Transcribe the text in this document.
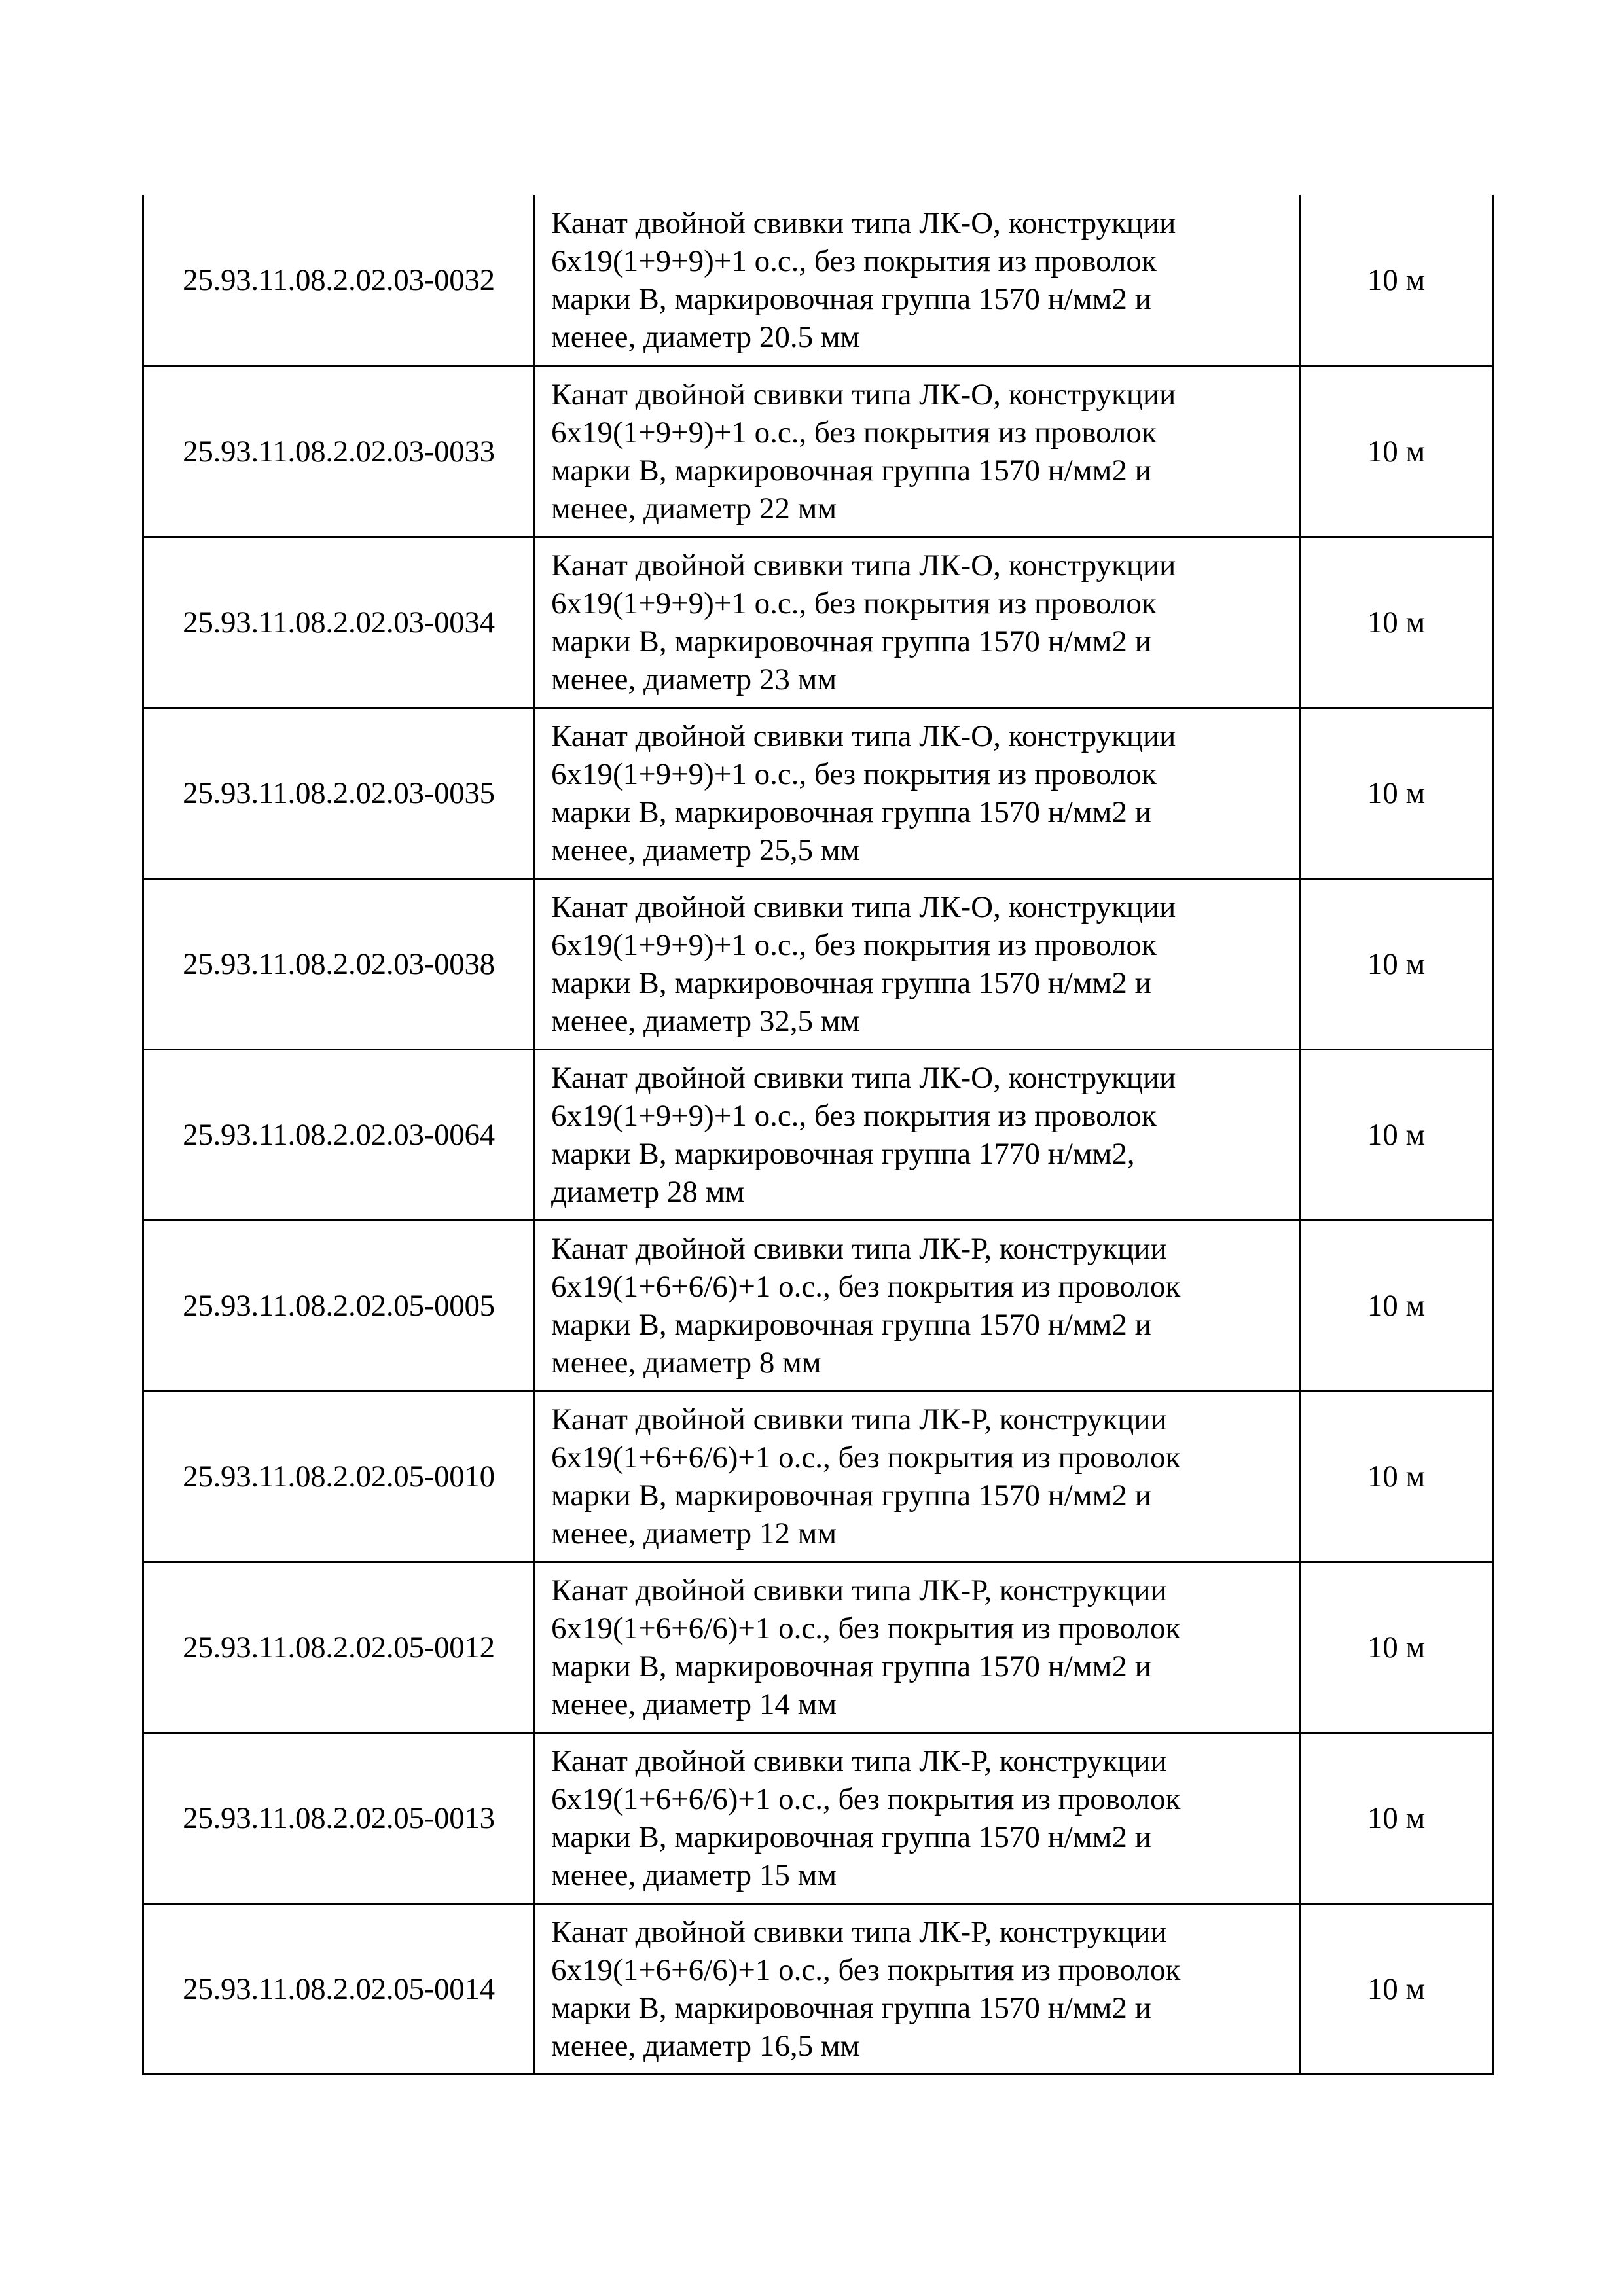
25.93.11.08.2.02.03-0032	Канат двойной свивки типа ЛК-О, конструкции
6х19(1+9+9)+1 о.с., без покрытия из проволок
марки В, маркировочная группа 1570 н/мм2 и
менее, диаметр 20.5 мм	10 м
25.93.11.08.2.02.03-0033	Канат двойной свивки типа ЛК-О, конструкции
6х19(1+9+9)+1 о.с., без покрытия из проволок
марки В, маркировочная группа 1570 н/мм2 и
менее, диаметр 22 мм	10 м
25.93.11.08.2.02.03-0034	Канат двойной свивки типа ЛК-О, конструкции
6х19(1+9+9)+1 о.с., без покрытия из проволок
марки В, маркировочная группа 1570 н/мм2 и
менее, диаметр 23 мм	10 м
25.93.11.08.2.02.03-0035	Канат двойной свивки типа ЛК-О, конструкции
6х19(1+9+9)+1 о.с., без покрытия из проволок
марки В, маркировочная группа 1570 н/мм2 и
менее, диаметр 25,5 мм	10 м
25.93.11.08.2.02.03-0038	Канат двойной свивки типа ЛК-О, конструкции
6х19(1+9+9)+1 о.с., без покрытия из проволок
марки В, маркировочная группа 1570 н/мм2 и
менее, диаметр 32,5 мм	10 м
25.93.11.08.2.02.03-0064	Канат двойной свивки типа ЛК-О, конструкции
6х19(1+9+9)+1 о.с., без покрытия из проволок
марки В, маркировочная группа 1770 н/мм2,
диаметр 28 мм	10 м
25.93.11.08.2.02.05-0005	Канат двойной свивки типа ЛК-Р, конструкции
6х19(1+6+6/6)+1 о.с., без покрытия из проволок
марки В, маркировочная группа 1570 н/мм2 и
менее, диаметр 8 мм	10 м
25.93.11.08.2.02.05-0010	Канат двойной свивки типа ЛК-Р, конструкции
6х19(1+6+6/6)+1 о.с., без покрытия из проволок
марки В, маркировочная группа 1570 н/мм2 и
менее, диаметр 12 мм	10 м
25.93.11.08.2.02.05-0012	Канат двойной свивки типа ЛК-Р, конструкции
6х19(1+6+6/6)+1 о.с., без покрытия из проволок
марки В, маркировочная группа 1570 н/мм2 и
менее, диаметр 14 мм	10 м
25.93.11.08.2.02.05-0013	Канат двойной свивки типа ЛК-Р, конструкции
6х19(1+6+6/6)+1 о.с., без покрытия из проволок
марки В, маркировочная группа 1570 н/мм2 и
менее, диаметр 15 мм	10 м
25.93.11.08.2.02.05-0014	Канат двойной свивки типа ЛК-Р, конструкции
6х19(1+6+6/6)+1 о.с., без покрытия из проволок
марки В, маркировочная группа 1570 н/мм2 и
менее, диаметр 16,5 мм	10 м
